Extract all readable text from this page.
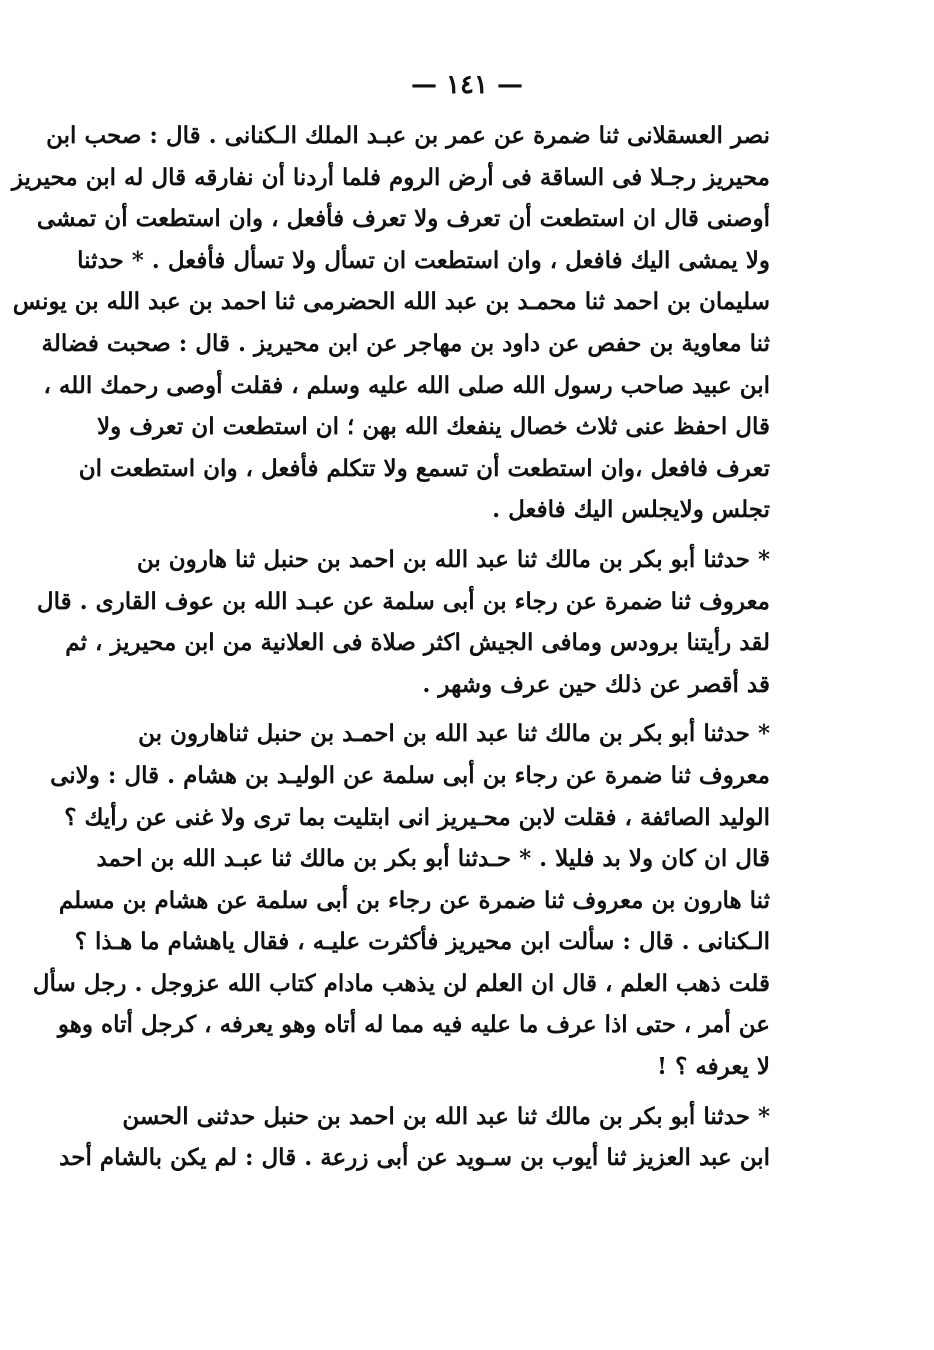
— ١٤١ —
نصر العسقلانى ثنا ضمرة عن عمر بن عبـد الملك الـكنانى . قال : صحب ابن
محيريز رجـلا فى الساقة فى أرض الروم فلما أردنا أن نفارقه قال له ابن محيريز
أوصنى قال ان استطعت أن تعرف ولا تعرف فأفعل ، وان استطعت أن تمشى
ولا يمشى اليك فافعل ، وان استطعت ان تسأل ولا تسأل فأفعل . * حدثنا
سليمان بن احمد ثنا محمـد بن عبد الله الحضرمى ثنا احمد بن عبد الله بن يونس
ثنا معاوية بن حفص عن داود بن مهاجر عن ابن محيريز . قال : صحبت فضالة
ابن عبيد صاحب رسول الله صلى الله عليه وسلم ، فقلت أوصى رحمك الله ،
قال احفظ عنى ثلاث خصال ينفعك الله بهن ؛ ان استطعت ان تعرف ولا
تعرف فافعل ،وان استطعت أن تسمع ولا تتكلم فأفعل ، وان استطعت ان
تجلس ولايجلس اليك فافعل .
* حدثنا أبو بكر بن مالك ثنا عبد الله بن احمد بن حنبل ثنا هارون بن
معروف ثنا ضمرة عن رجاء بن أبى سلمة عن عبـد الله بن عوف القارى . قال
لقد رأيتنا برودس ومافى الجيش اكثر صلاة فى العلانية من ابن محيريز ، ثم
قد أقصر عن ذلك حين عرف وشهر .
* حدثنا أبو بكر بن مالك ثنا عبد الله بن احمـد بن حنبل ثناهارون بن
معروف ثنا ضمرة عن رجاء بن أبى سلمة عن الوليـد بن هشام . قال : ولانى
الوليد الصائفة ، فقلت لابن محـيريز انى ابتليت بما ترى ولا غنى عن رأيك ؟
قال ان كان ولا بد فليلا . * حـدثنا أبو بكر بن مالك ثنا عبـد الله بن احمد
ثنا هارون بن معروف ثنا ضمرة عن رجاء بن أبى سلمة عن هشام بن مسلم
الـكنانى . قال : سألت ابن محيريز فأكثرت عليـه ، فقال ياهشام ما هـذا ؟
قلت ذهب العلم ، قال ان العلم لن يذهب مادام كتاب الله عزوجل . رجل سأل
عن أمر ، حتى اذا عرف ما عليه فيه مما له أتاه وهو يعرفه ، كرجل أتاه وهو
لا يعرفه ؟ !
* حدثنا أبو بكر بن مالك ثنا عبد الله بن احمد بن حنبل حدثنى الحسن
ابن عبد العزيز ثنا أيوب بن سـويد عن أبى زرعة . قال : لم يكن بالشام أحد
